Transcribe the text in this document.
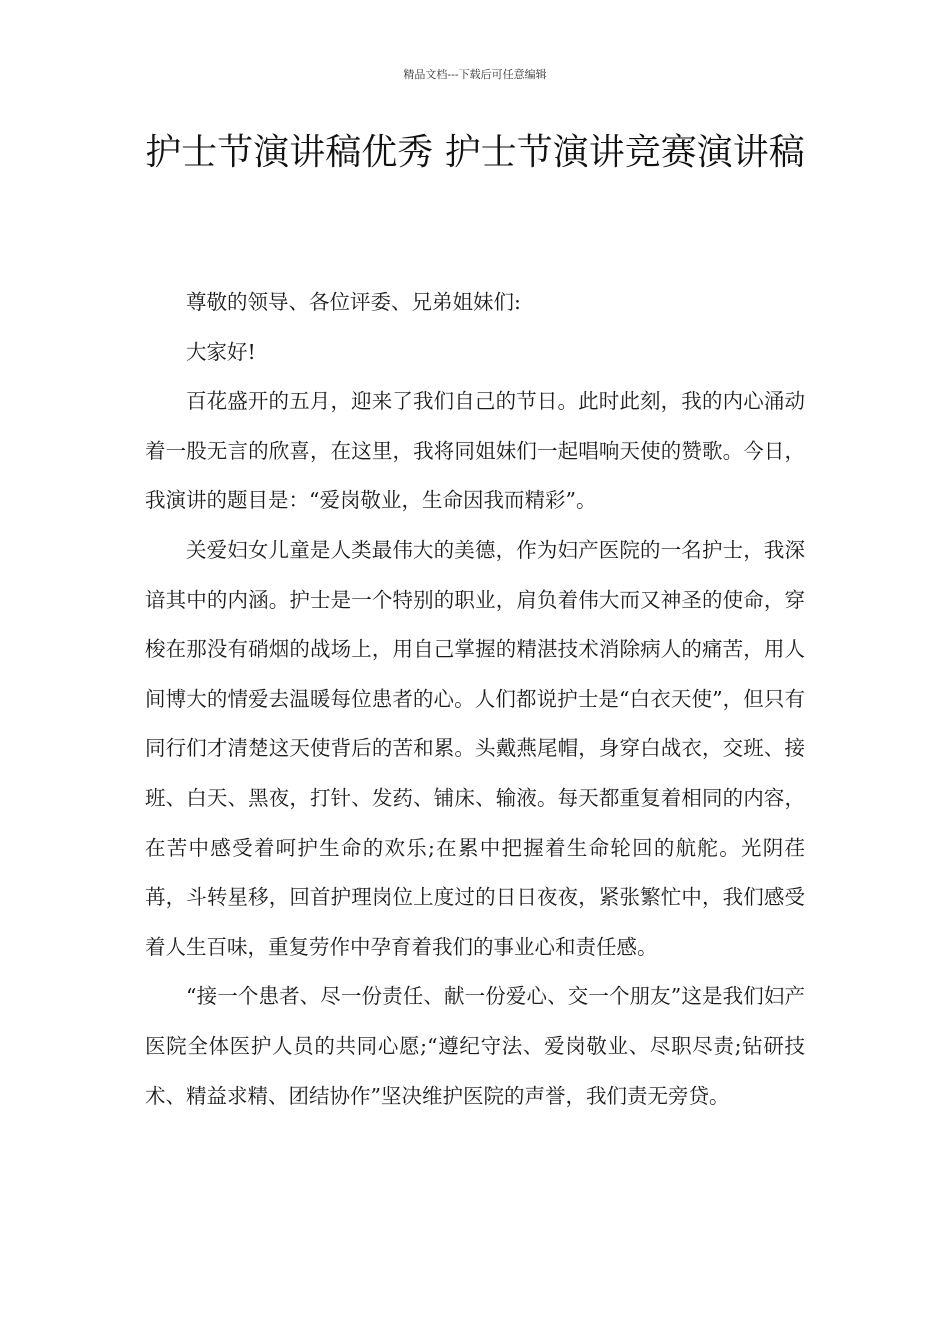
精品文档---下载后可任意编辑
护士节演讲稿优秀 护士节演讲竞赛演讲稿

尊敬的领导、各位评委、兄弟姐妹们:

大家好!

百花盛开的五月，迎来了我们自己的节日。此时此刻，我的内心涌动着一股无言的欣喜，在这里，我将同姐妹们一起唱响天使的赞歌。今日，我演讲的题目是：“爱岗敬业，生命因我而精彩”。

关爱妇女儿童是人类最伟大的美德，作为妇产医院的一名护士，我深谙其中的内涵。护士是一个特别的职业，肩负着伟大而又神圣的使命，穿梭在那没有硝烟的战场上，用自己掌握的精湛技术消除病人的痛苦，用人间博大的情爱去温暖每位患者的心。人们都说护士是“白衣天使”，但只有同行们才清楚这天使背后的苦和累。头戴燕尾帽，身穿白战衣，交班、接班、白天、黑夜，打针、发药、铺床、输液。每天都重复着相同的内容，在苦中感受着呵护生命的欢乐;在累中把握着生命轮回的航舵。光阴荏苒，斗转星移，回首护理岗位上度过的日日夜夜，紧张繁忙中，我们感受着人生百味，重复劳作中孕育着我们的事业心和责任感。

“接一个患者、尽一份责任、献一份爱心、交一个朋友”这是我们妇产医院全体医护人员的共同心愿;“遵纪守法、爱岗敬业、尽职尽责;钻研技术、精益求精、团结协作”坚决维护医院的声誉，我们责无旁贷。
